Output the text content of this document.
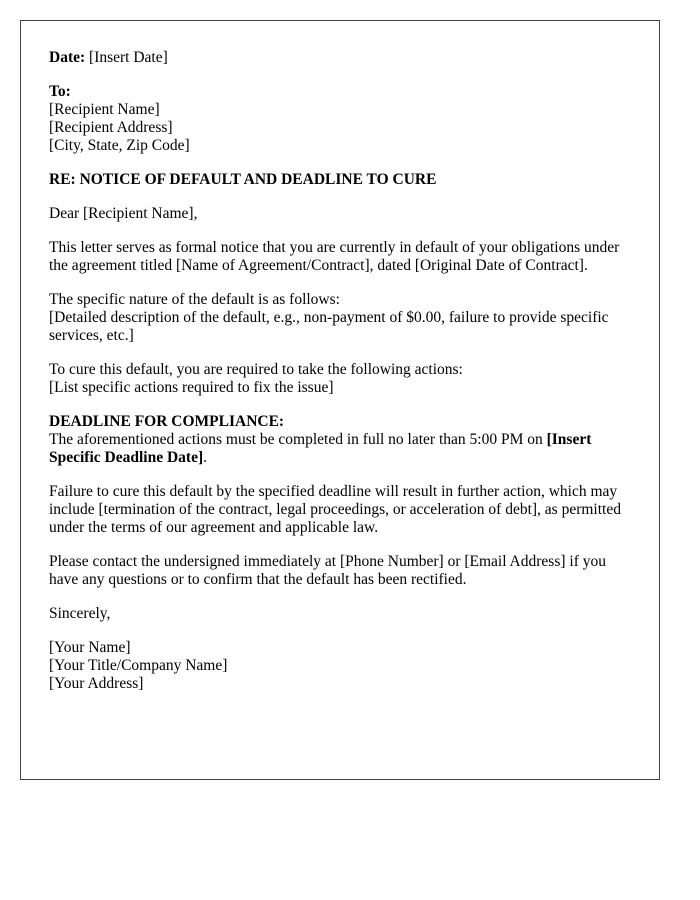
Date: [Insert Date]
To:
[Recipient Name]
[Recipient Address]
[City, State, Zip Code]
RE: NOTICE OF DEFAULT AND DEADLINE TO CURE
Dear [Recipient Name],
This letter serves as formal notice that you are currently in default of your obligations under the agreement titled [Name of Agreement/Contract], dated [Original Date of Contract].
The specific nature of the default is as follows:
[Detailed description of the default, e.g., non-payment of $0.00, failure to provide specific services, etc.]
To cure this default, you are required to take the following actions:
[List specific actions required to fix the issue]
DEADLINE FOR COMPLIANCE:
The aforementioned actions must be completed in full no later than 5:00 PM on [Insert Specific Deadline Date].
Failure to cure this default by the specified deadline will result in further action, which may include [termination of the contract, legal proceedings, or acceleration of debt], as permitted under the terms of our agreement and applicable law.
Please contact the undersigned immediately at [Phone Number] or [Email Address] if you have any questions or to confirm that the default has been rectified.
Sincerely,
[Your Name]
[Your Title/Company Name]
[Your Address]
